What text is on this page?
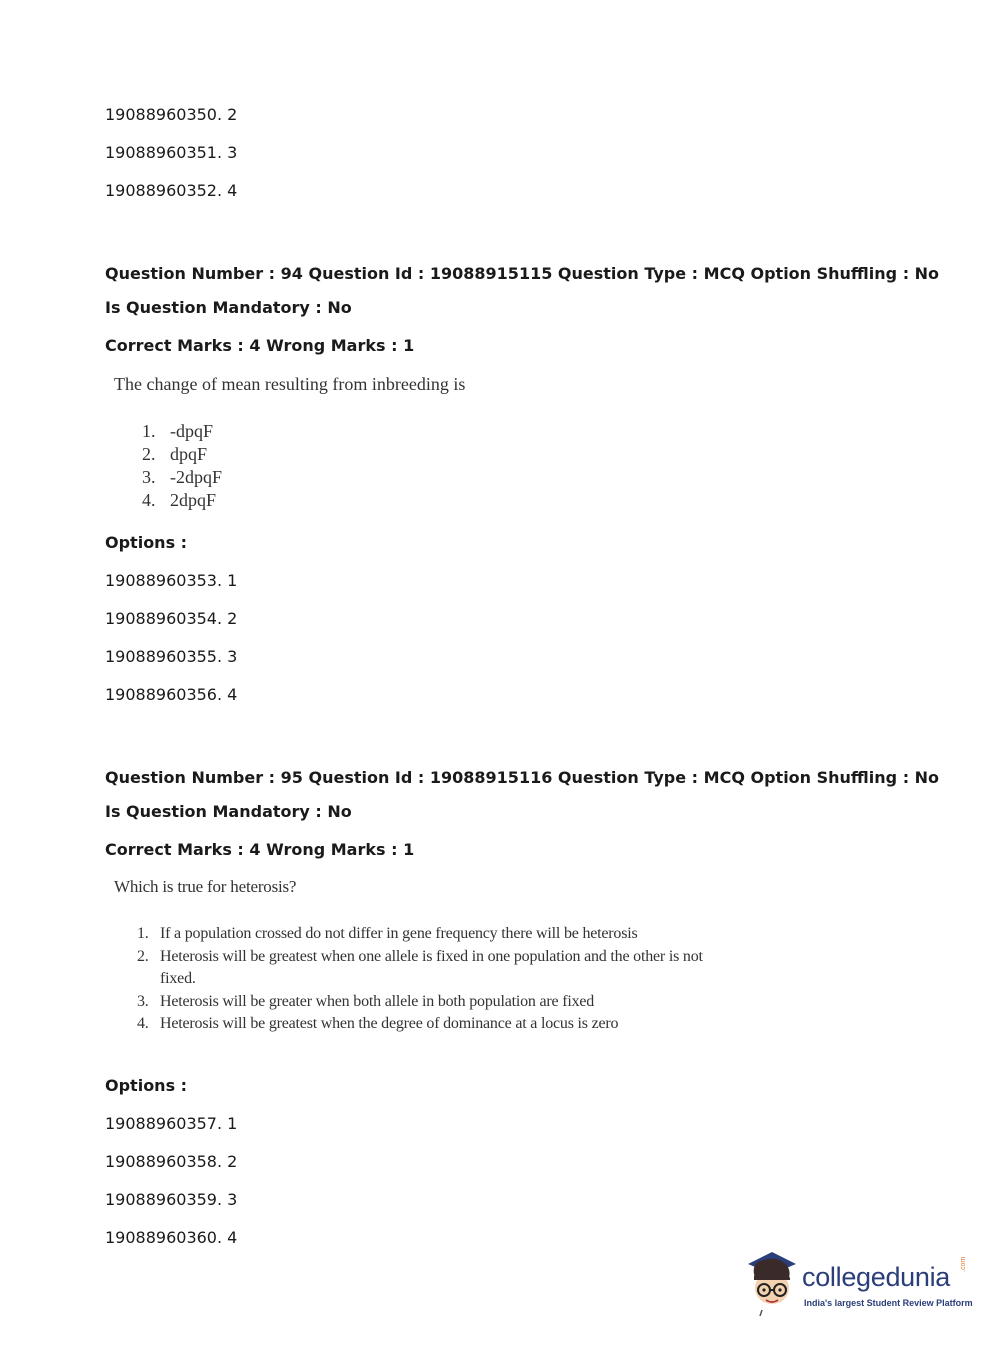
19088960350. 2
19088960351. 3
19088960352. 4
Question Number : 94 Question Id : 19088915115 Question Type : MCQ Option Shuffling : No
Is Question Mandatory : No
Correct Marks : 4 Wrong Marks : 1
The change of mean resulting from inbreeding is
1. -dpqF
2. dpqF
3. -2dpqF
4. 2dpqF
Options :
19088960353. 1
19088960354. 2
19088960355. 3
19088960356. 4
Question Number : 95 Question Id : 19088915116 Question Type : MCQ Option Shuffling : No
Is Question Mandatory : No
Correct Marks : 4 Wrong Marks : 1
Which is true for heterosis?
1. If a population crossed do not differ in gene frequency there will be heterosis
2. Heterosis will be greatest when one allele is fixed in one population and the other is not
fixed.
3. Heterosis will be greater when both allele in both population are fixed
4. Heterosis will be greatest when the degree of dominance at a locus is zero
Options :
19088960357. 1
19088960358. 2
19088960359. 3
19088960360. 4
collegedunia .com
India's largest Student Review Platform
